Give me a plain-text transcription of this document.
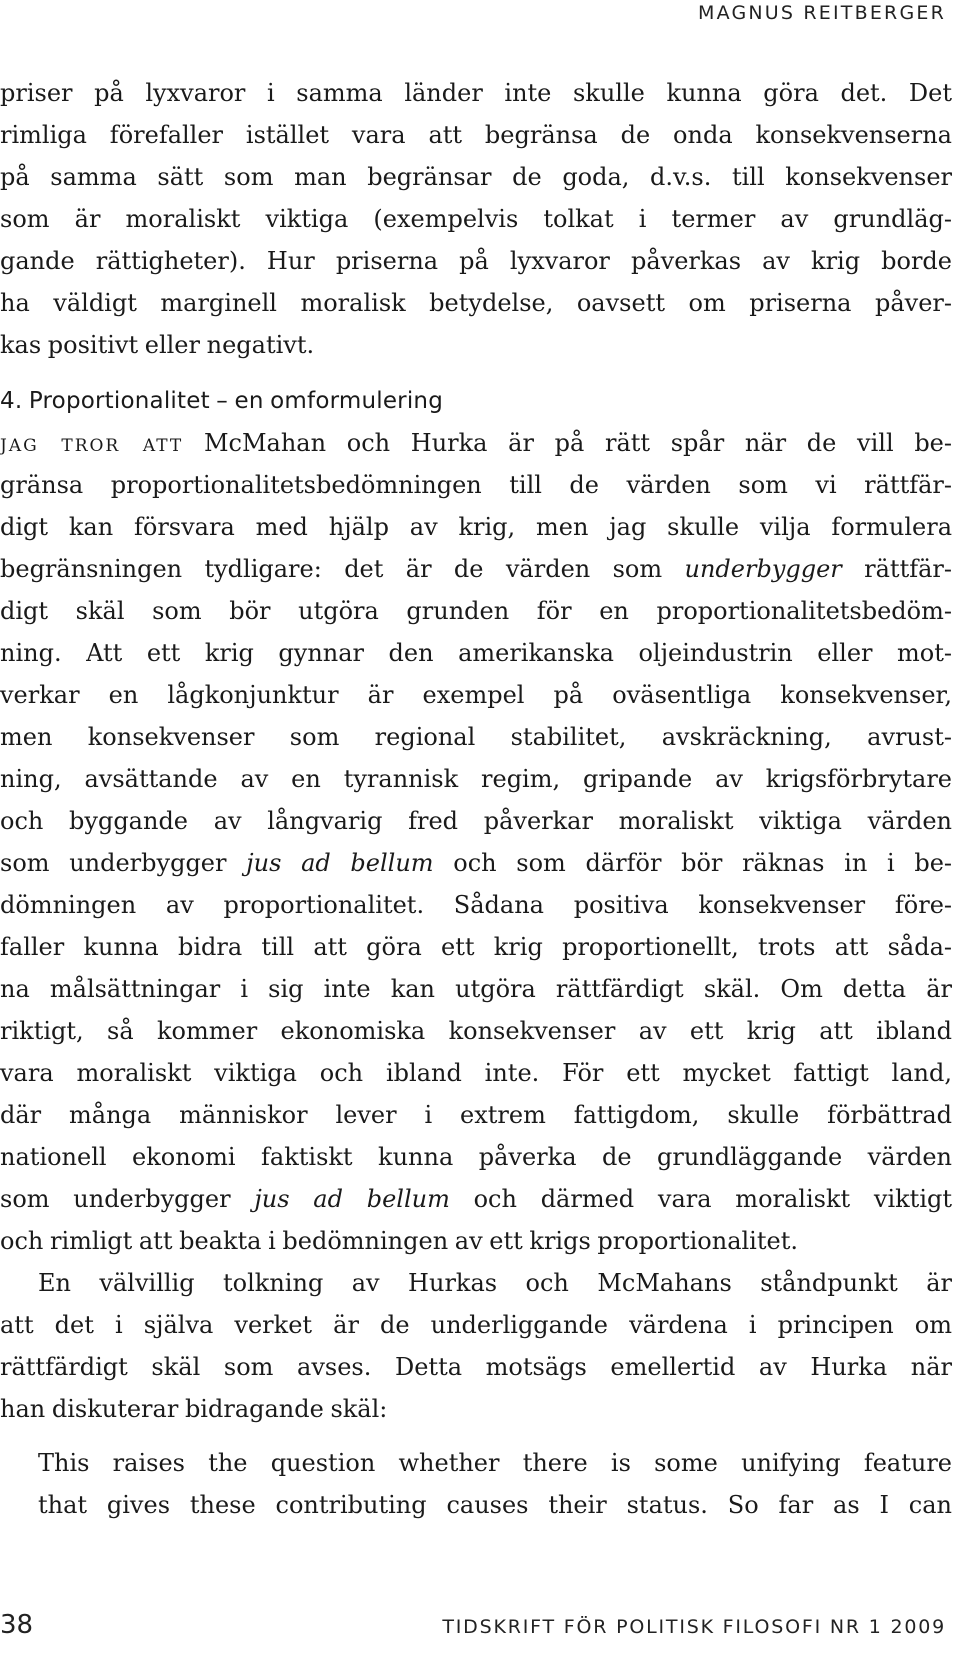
MAGNUS REITBERGER
priser på lyxvaror i samma länder inte skulle kunna göra det. Det
rimliga förefaller istället vara att begränsa de onda konsekvenserna
på samma sätt som man begränsar de goda, d.v.s. till konsekvenser
som är moraliskt viktiga (exempelvis tolkat i termer av grundläg-
gande rättigheter). Hur priserna på lyxvaror påverkas av krig borde
ha väldigt marginell moralisk betydelse, oavsett om priserna påver-
kas positivt eller negativt.
4. Proportionalitet – en omformulering
jag tror att McMahan och Hurka är på rätt spår när de vill be-
gränsa proportionalitetsbedömningen till de värden som vi rättfär-
digt kan försvara med hjälp av krig, men jag skulle vilja formulera
begränsningen tydligare: det är de värden som underbygger rättfär-
digt skäl som bör utgöra grunden för en proportionalitetsbedöm-
ning. Att ett krig gynnar den amerikanska oljeindustrin eller mot-
verkar en lågkonjunktur är exempel på oväsentliga konsekvenser,
men konsekvenser som regional stabilitet, avskräckning, avrust-
ning, avsättande av en tyrannisk regim, gripande av krigsförbrytare
och byggande av långvarig fred påverkar moraliskt viktiga värden
som underbygger jus ad bellum och som därför bör räknas in i be-
dömningen av proportionalitet. Sådana positiva konsekvenser före-
faller kunna bidra till att göra ett krig proportionellt, trots att såda-
na målsättningar i sig inte kan utgöra rättfärdigt skäl. Om detta är
riktigt, så kommer ekonomiska konsekvenser av ett krig att ibland
vara moraliskt viktiga och ibland inte. För ett mycket fattigt land,
där många människor lever i extrem fattigdom, skulle förbättrad
nationell ekonomi faktiskt kunna påverka de grundläggande värden
som underbygger jus ad bellum och därmed vara moraliskt viktigt
och rimligt att beakta i bedömningen av ett krigs proportionalitet.
En välvillig tolkning av Hurkas och McMahans ståndpunkt är
att det i själva verket är de underliggande värdena i principen om
rättfärdigt skäl som avses. Detta motsägs emellertid av Hurka när
han diskuterar bidragande skäl:
This raises the question whether there is some unifying feature
that gives these contributing causes their status. So far as I can
38	TIDSKRIFT FÖR POLITISK FILOSOFI NR 1 2009
